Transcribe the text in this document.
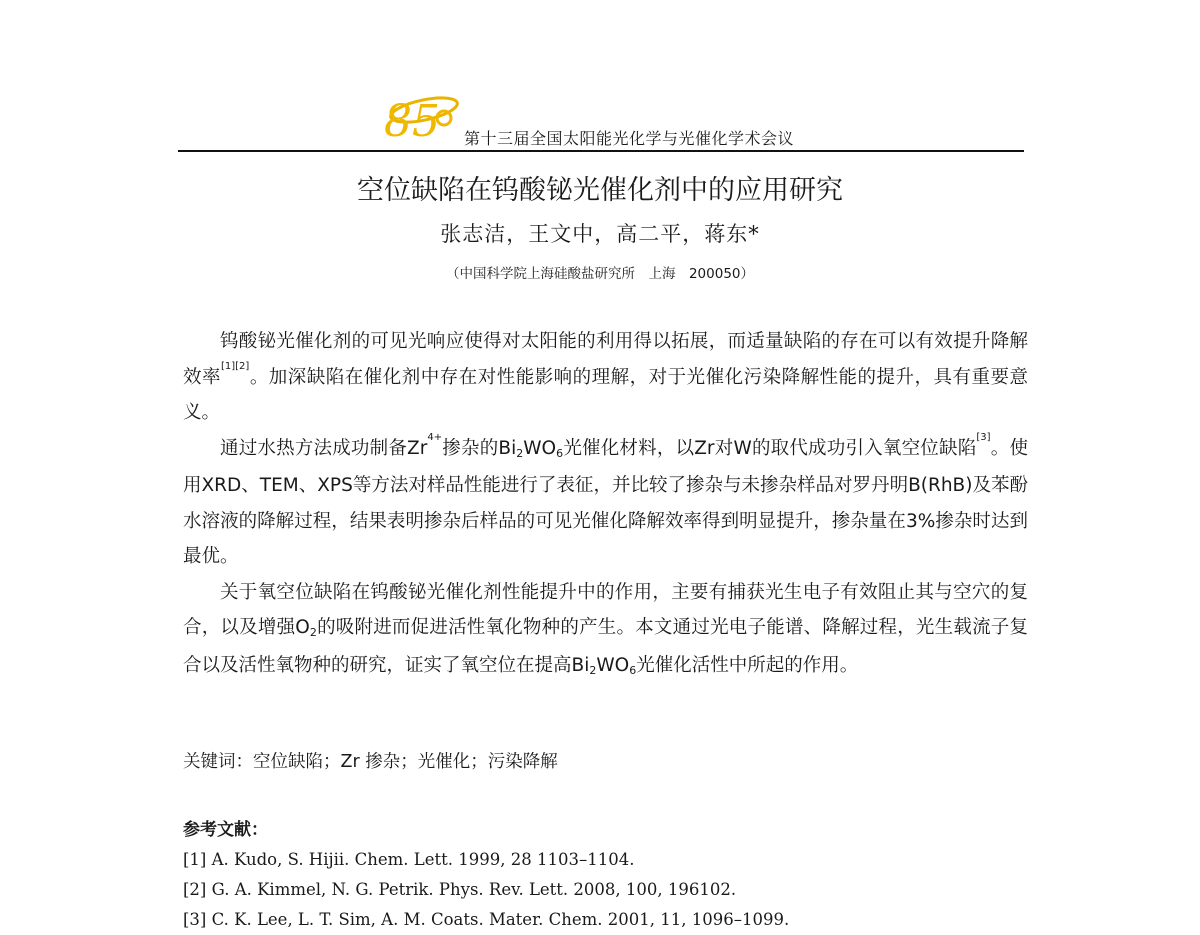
85 第十三届全国太阳能光化学与光催化学术会议
空位缺陷在钨酸铋光催化剂中的应用研究
张志洁，王文中，高二平，蒋东*
（中国科学院上海硅酸盐研究所　上海　200050）

钨酸铋光催化剂的可见光响应使得对太阳能的利用得以拓展，而适量缺陷的存在可以有效提升降解效率[1][2]。加深缺陷在催化剂中存在对性能影响的理解，对于光催化污染降解性能的提升，具有重要意义。

通过水热方法成功制备$Zr^{4+}$掺杂的$Bi_2WO_6$光催化材料，以Zr对W的取代成功引入氧空位缺陷[3]。使用XRD、TEM、XPS等方法对样品性能进行了表征，并比较了掺杂与未掺杂样品对罗丹明B(RhB)及苯酚水溶液的降解过程，结果表明掺杂后样品的可见光催化降解效率得到明显提升，掺杂量在3%掺杂时达到最优。

关于氧空位缺陷在钨酸铋光催化剂性能提升中的作用，主要有捕获光生电子有效阻止其与空穴的复合，以及增强$O_2$的吸附进而促进活性氧化物种的产生。本文通过光电子能谱、降解过程，光生载流子复合以及活性氧物种的研究，证实了氧空位在提高$Bi_2WO_6$光催化活性中所起的作用。

关键词：空位缺陷；Zr 掺杂；光催化；污染降解
参考文献：
[1] A. Kudo, S. Hijii. Chem. Lett. 1999, 28 1103–1104.
[2] G. A. Kimmel, N. G. Petrik. Phys. Rev. Lett. 2008, 100, 196102.
[3] C. K. Lee, L. T. Sim, A. M. Coats. Mater. Chem. 2001, 11, 1096–1099.
